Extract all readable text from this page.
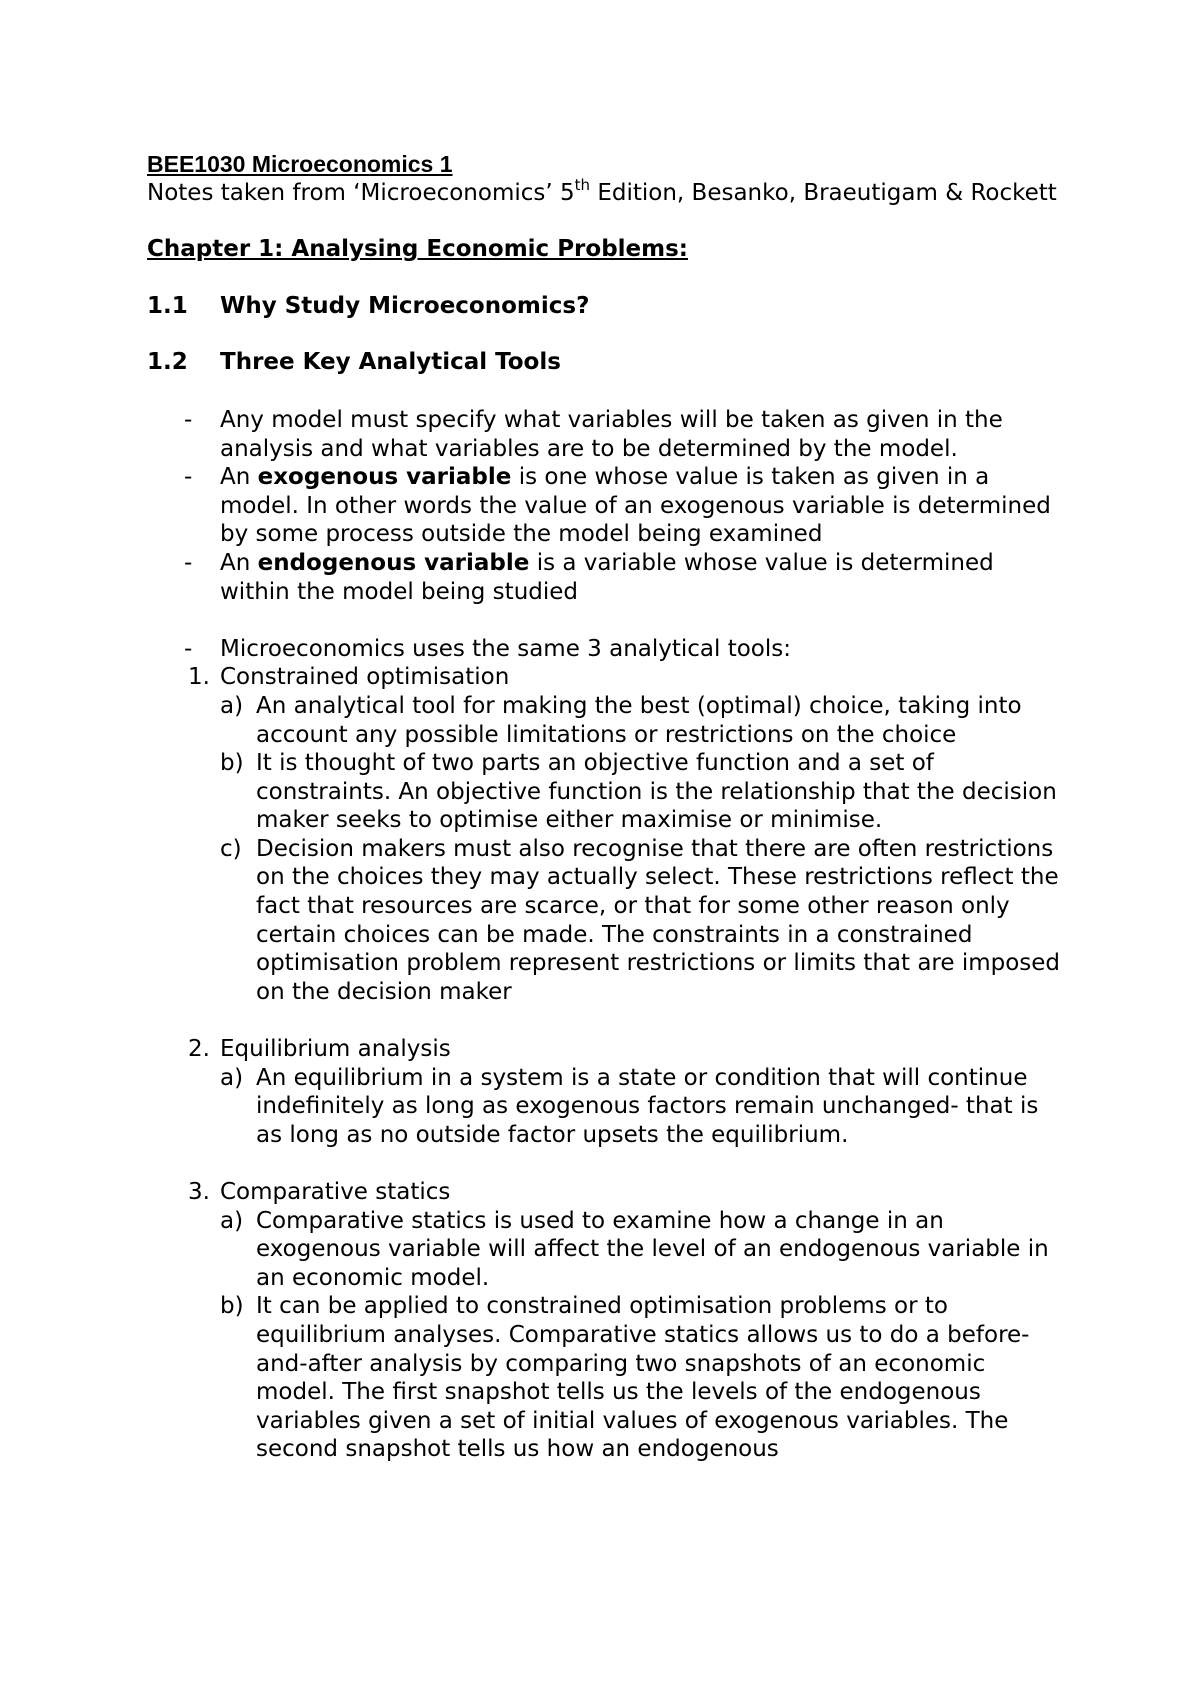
BEE1030 Microeconomics 1

Notes taken from ‘Microeconomics’ 5th Edition, Besanko, Braeutigam & Rockett

Chapter 1: Analysing Economic Problems:
1.1	Why Study Microeconomics?
1.2	Three Key Analytical Tools
-	Any model must specify what variables will be taken as given in the analysis and what variables are to be determined by the model.
-	An exogenous variable is one whose value is taken as given in a model. In other words the value of an exogenous variable is determined by some process outside the model being examined
-	An endogenous variable is a variable whose value is determined within the model being studied
-	Microeconomics uses the same 3 analytical tools:
1. Constrained optimisation
a) An analytical tool for making the best (optimal) choice, taking into account any possible limitations or restrictions on the choice
b) It is thought of two parts an objective function and a set of constraints. An objective function is the relationship that the decision maker seeks to optimise either maximise or minimise.
c) Decision makers must also recognise that there are often restrictions on the choices they may actually select. These restrictions reflect the fact that resources are scarce, or that for some other reason only certain choices can be made. The constraints in a constrained optimisation problem represent restrictions or limits that are imposed on the decision maker
2. Equilibrium analysis
a) An equilibrium in a system is a state or condition that will continue indefinitely as long as exogenous factors remain unchanged- that is as long as no outside factor upsets the equilibrium.
3. Comparative statics
a) Comparative statics is used to examine how a change in an exogenous variable will affect the level of an endogenous variable in an economic model.
b) It can be applied to constrained optimisation problems or to equilibrium analyses. Comparative statics allows us to do a before-and-after analysis by comparing two snapshots of an economic model. The first snapshot tells us the levels of the endogenous variables given a set of initial values of exogenous variables. The second snapshot tells us how an endogenous
